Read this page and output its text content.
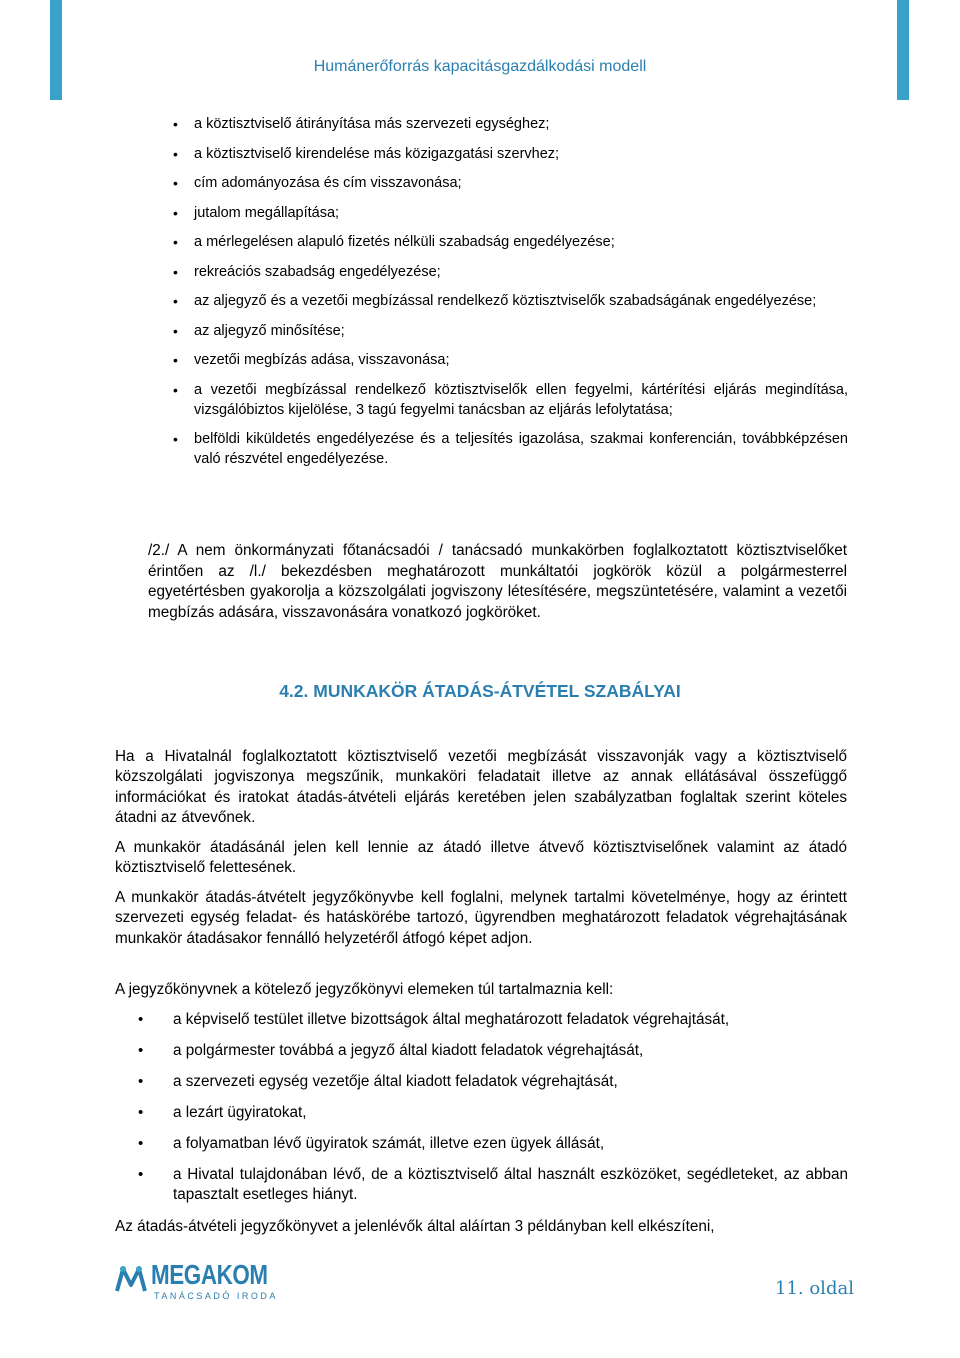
Humánerőforrás kapacitásgazdálkodási modell
• a köztisztviselő átirányítása más szervezeti egységhez;
• a köztisztviselő kirendelése más közigazgatási szervhez;
• cím adományozása és cím visszavonása;
• jutalom megállapítása;
• a mérlegelésen alapuló fizetés nélküli szabadság engedélyezése;
• rekreációs szabadság engedélyezése;
• az aljegyző és a vezetői megbízással rendelkező köztisztviselők szabadságának engedélyezése;
• az aljegyző minősítése;
• vezetői megbízás adása, visszavonása;
• a vezetői megbízással rendelkező köztisztviselők ellen fegyelmi, kártérítési eljárás megindítása, vizsgálóbiztos kijelölése, 3 tagú fegyelmi tanácsban az eljárás lefolytatása;
• belföldi kiküldetés engedélyezése és a teljesítés igazolása, szakmai konferencián, továbbképzésen való részvétel engedélyezése.

/2./ A nem önkormányzati főtanácsadói / tanácsadó munkakörben foglalkoztatott köztisztviselőket érintően az /l./ bekezdésben meghatározott munkáltatói jogkörök közül a polgármesterrel egyetértésben gyakorolja a közszolgálati jogviszony létesítésére, megszüntetésére, valamint a vezetői megbízás adására, visszavonására vonatkozó jogköröket.

4.2. MUNKAKÖR ÁTADÁS-ÁTVÉTEL SZABÁLYAI

Ha a Hivatalnál foglalkoztatott köztisztviselő vezetői megbízását visszavonják vagy a köztisztviselő közszolgálati jogviszonya megszűnik, munkaköri feladatait illetve az annak ellátásával összefüggő információkat és iratokat átadás-átvételi eljárás keretében jelen szabályzatban foglaltak szerint köteles átadni az átvevőnek.

A munkakör átadásánál jelen kell lennie az átadó illetve átvevő köztisztviselőnek valamint az átadó köztisztviselő felettesének.

A munkakör átadás-átvételt jegyzőkönyvbe kell foglalni, melynek tartalmi követelménye, hogy az érintett szervezeti egység feladat- és hatáskörébe tartozó, ügyrendben meghatározott feladatok végrehajtásának munkakör átadásakor fennálló helyzetéről átfogó képet adjon.

A jegyzőkönyvnek a kötelező jegyzőkönyvi elemeken túl tartalmaznia kell:

• a képviselő testület illetve bizottságok által meghatározott feladatok végrehajtását,
• a polgármester továbbá a jegyző által kiadott feladatok végrehajtását,
• a szervezeti egység vezetője által kiadott feladatok végrehajtását,
• a lezárt ügyiratokat,
• a folyamatban lévő ügyiratok számát, illetve ezen ügyek állását,
• a Hivatal tulajdonában lévő, de a köztisztviselő által használt eszközöket, segédleteket, az abban tapasztalt esetleges hiányt.

Az átadás-átvételi jegyzőkönyvet a jelenlévők által aláírtan 3 példányban kell elkészíteni,

MEGAKOM
TANÁCSADÓ IRODA	11. oldal
